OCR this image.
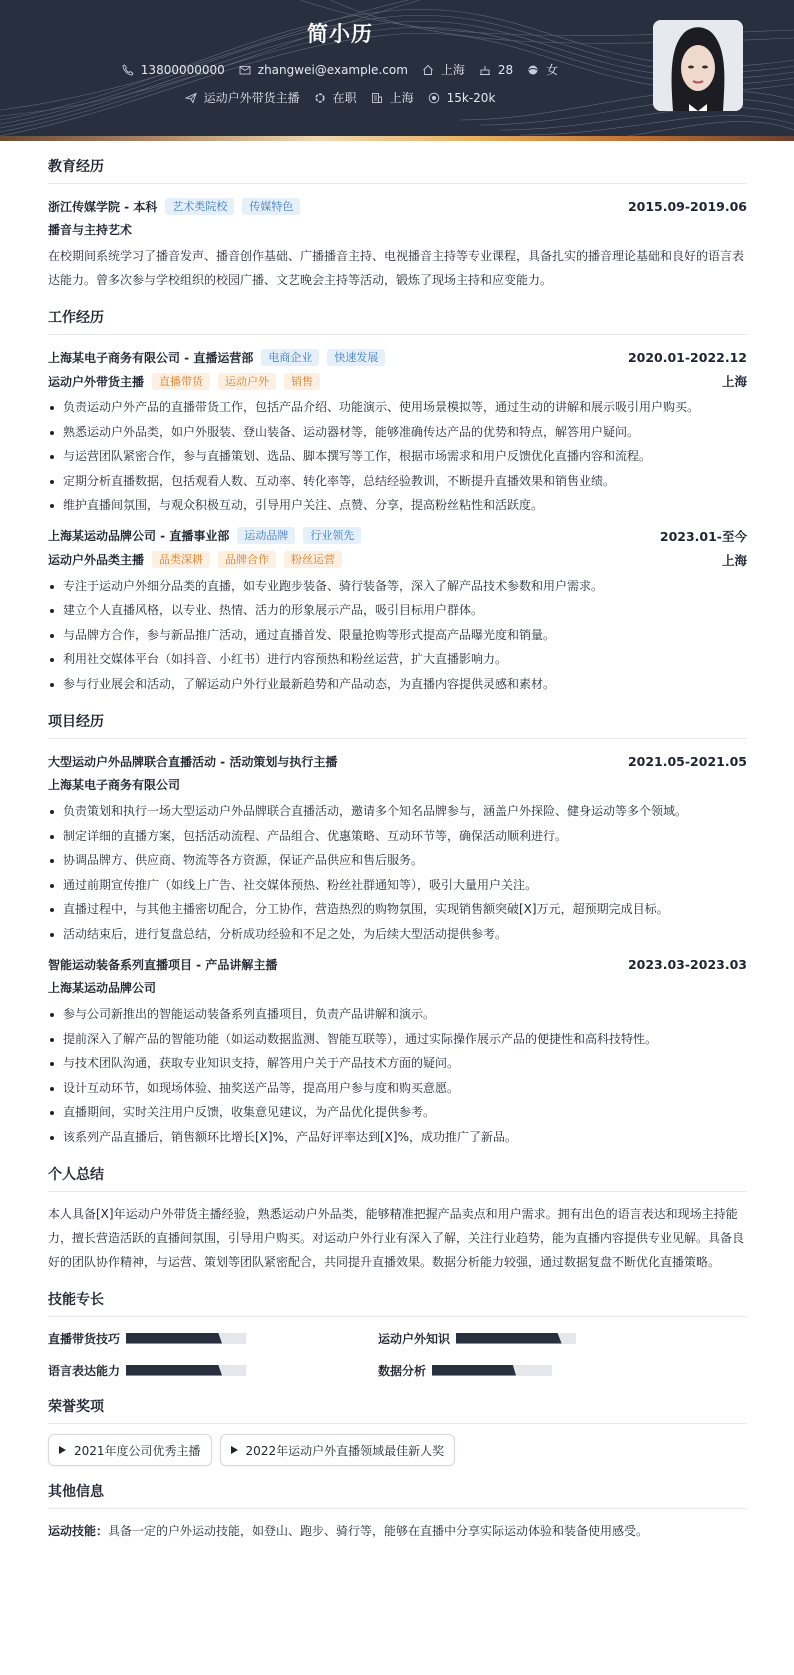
简小历
13800000000	zhangwei@example.com	上海	28	女
运动户外带货主播	在职	上海	15k-20k
教育经历
浙江传媒学院 - 本科	艺术类院校	传媒特色	2015.09-2019.06
播音与主持艺术
在校期间系统学习了播音发声、播音创作基础、广播播音主持、电视播音主持等专业课程，具备扎实的播音理论基础和良好的语言表达能力。曾多次参与学校组织的校园广播、文艺晚会主持等活动，锻炼了现场主持和应变能力。
工作经历
上海某电子商务有限公司 - 直播运营部	电商企业	快速发展	2020.01-2022.12
运动户外带货主播	直播带货	运动户外	销售	上海
负责运动户外产品的直播带货工作，包括产品介绍、功能演示、使用场景模拟等，通过生动的讲解和展示吸引用户购买。
熟悉运动户外品类，如户外服装、登山装备、运动器材等，能够准确传达产品的优势和特点，解答用户疑问。
与运营团队紧密合作，参与直播策划、选品、脚本撰写等工作，根据市场需求和用户反馈优化直播内容和流程。
定期分析直播数据，包括观看人数、互动率、转化率等，总结经验教训，不断提升直播效果和销售业绩。
维护直播间氛围，与观众积极互动，引导用户关注、点赞、分享，提高粉丝粘性和活跃度。
上海某运动品牌公司 - 直播事业部	运动品牌	行业领先	2023.01-至今
运动户外品类主播	品类深耕	品牌合作	粉丝运营	上海
专注于运动户外细分品类的直播，如专业跑步装备、骑行装备等，深入了解产品技术参数和用户需求。
建立个人直播风格，以专业、热情、活力的形象展示产品，吸引目标用户群体。
与品牌方合作，参与新品推广活动，通过直播首发、限量抢购等形式提高产品曝光度和销量。
利用社交媒体平台（如抖音、小红书）进行内容预热和粉丝运营，扩大直播影响力。
参与行业展会和活动，了解运动户外行业最新趋势和产品动态，为直播内容提供灵感和素材。
项目经历
大型运动户外品牌联合直播活动 - 活动策划与执行主播	2021.05-2021.05
上海某电子商务有限公司
负责策划和执行一场大型运动户外品牌联合直播活动，邀请多个知名品牌参与，涵盖户外探险、健身运动等多个领域。
制定详细的直播方案，包括活动流程、产品组合、优惠策略、互动环节等，确保活动顺利进行。
协调品牌方、供应商、物流等各方资源，保证产品供应和售后服务。
通过前期宣传推广（如线上广告、社交媒体预热、粉丝社群通知等），吸引大量用户关注。
直播过程中，与其他主播密切配合，分工协作，营造热烈的购物氛围，实现销售额突破[X]万元，超预期完成目标。
活动结束后，进行复盘总结，分析成功经验和不足之处，为后续大型活动提供参考。
智能运动装备系列直播项目 - 产品讲解主播	2023.03-2023.03
上海某运动品牌公司
参与公司新推出的智能运动装备系列直播项目，负责产品讲解和演示。
提前深入了解产品的智能功能（如运动数据监测、智能互联等），通过实际操作展示产品的便捷性和高科技特性。
与技术团队沟通，获取专业知识支持，解答用户关于产品技术方面的疑问。
设计互动环节，如现场体验、抽奖送产品等，提高用户参与度和购买意愿。
直播期间，实时关注用户反馈，收集意见建议，为产品优化提供参考。
该系列产品直播后，销售额环比增长[X]%，产品好评率达到[X]%，成功推广了新品。
个人总结
本人具备[X]年运动户外带货主播经验，熟悉运动户外品类，能够精准把握产品卖点和用户需求。拥有出色的语言表达和现场主持能力，擅长营造活跃的直播间氛围，引导用户购买。对运动户外行业有深入了解，关注行业趋势，能为直播内容提供专业见解。具备良好的团队协作精神，与运营、策划等团队紧密配合，共同提升直播效果。数据分析能力较强，通过数据复盘不断优化直播策略。
技能专长
直播带货技巧	运动户外知识
语言表达能力	数据分析
荣誉奖项
2021年度公司优秀主播	2022年运动户外直播领域最佳新人奖
其他信息
运动技能：具备一定的户外运动技能，如登山、跑步、骑行等，能够在直播中分享实际运动体验和装备使用感受。
